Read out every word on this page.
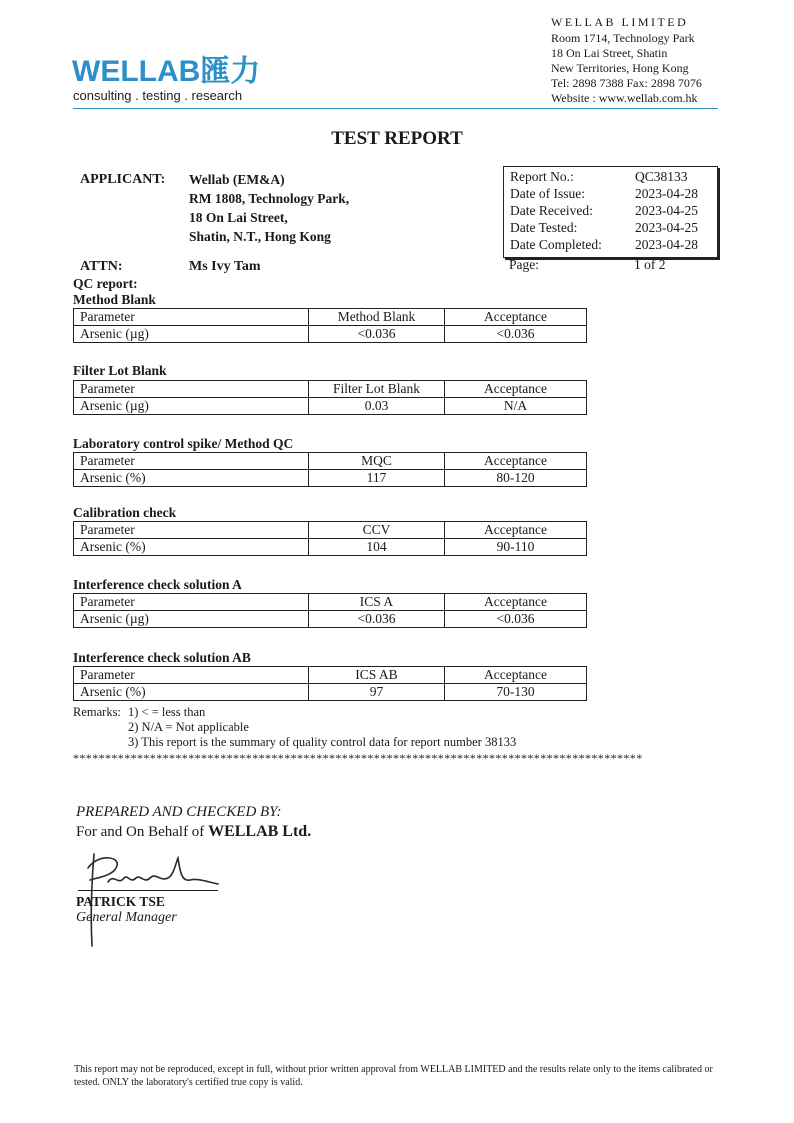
WELLAB匯力
consulting . testing . research
WELLAB LIMITED
Room 1714, Technology Park
18 On Lai Street, Shatin
New Territories, Hong Kong
Tel: 2898 7388 Fax: 2898 7076
Website : www.wellab.com.hk
TEST REPORT
APPLICANT: Wellab (EM&A)
RM 1808, Technology Park,
18 On Lai Street,
Shatin, N.T., Hong Kong
Report No.:	QC38133
Date of Issue:	2023-04-28
Date Received:	2023-04-25
Date Tested:	2023-04-25
Date Completed: 2023-04-28
Page:	1 of 2
ATTN:	Ms Ivy Tam
QC report:
Method Blank
Parameter	Method Blank	Acceptance
Arsenic (µg)	<0.036	<0.036
Filter Lot Blank
Parameter	Filter Lot Blank	Acceptance
Arsenic (µg)	0.03	N/A
Laboratory control spike/ Method QC
Parameter	MQC	Acceptance
Arsenic (%)	117	80-120
Calibration check
Parameter	CCV	Acceptance
Arsenic (%)	104	90-110
Interference check solution A
Parameter	ICS A	Acceptance
Arsenic (µg)	<0.036	<0.036
Interference check solution AB
Parameter	ICS AB	Acceptance
Arsenic (%)	97	70-130
Remarks: 1) < = less than
2) N/A = Not applicable
3) This report is the summary of quality control data for report number 38133
*****************************************************************************************
PREPARED AND CHECKED BY:
For and On Behalf of WELLAB Ltd.
PATRICK TSE
General Manager
This report may not be reproduced, except in full, without prior written approval from WELLAB LIMITED and the results relate only to the items calibrated or tested. ONLY the laboratory's certified true copy is valid.
